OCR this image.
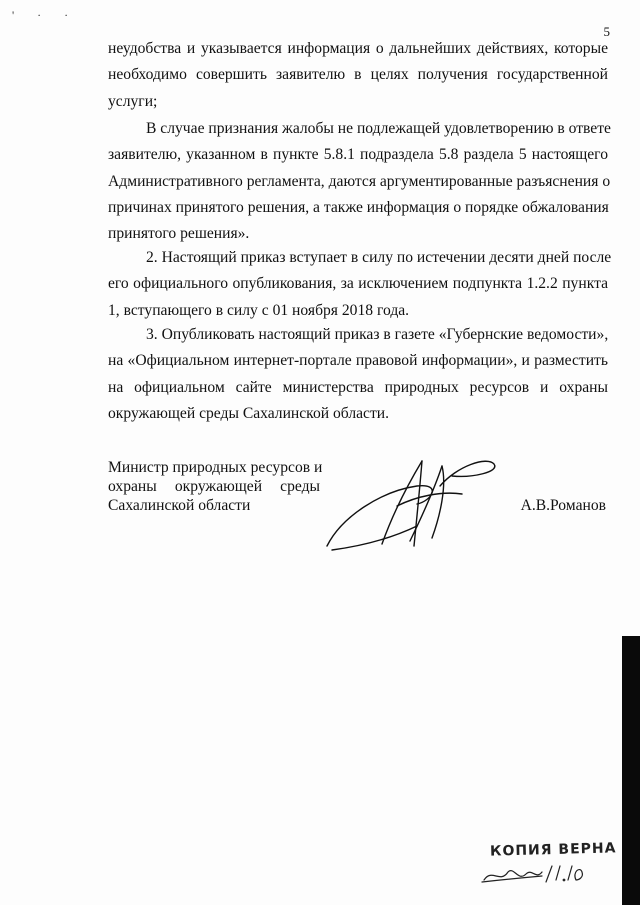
' · ·
5

неудобства и указывается информация о дальнейших действиях, которые
необходимо совершить заявителю в целях получения государственной
услуги;

В случае признания жалобы не подлежащей удовлетворению в ответе
заявителю, указанном в пункте 5.8.1 подраздела 5.8 раздела 5 настоящего
Административного регламента, даются аргументированные разъяснения о
причинах принятого решения, а также информация о порядке обжалования
принятого решения».

2. Настоящий приказ вступает в силу по истечении десяти дней после
его официального опубликования, за исключением подпункта 1.2.2 пункта
1, вступающего в силу с 01 ноября 2018 года.

3. Опубликовать настоящий приказ в газете «Губернские ведомости»,
на «Официальном интернет-портале правовой информации», и разместить
на официальном сайте министерства природных ресурсов и охраны
окружающей среды Сахалинской области.

Министр природных ресурсов и
охраны окружающей среды
Сахалинской области	А.В.Романов
КОПИЯ ВЕРНА
